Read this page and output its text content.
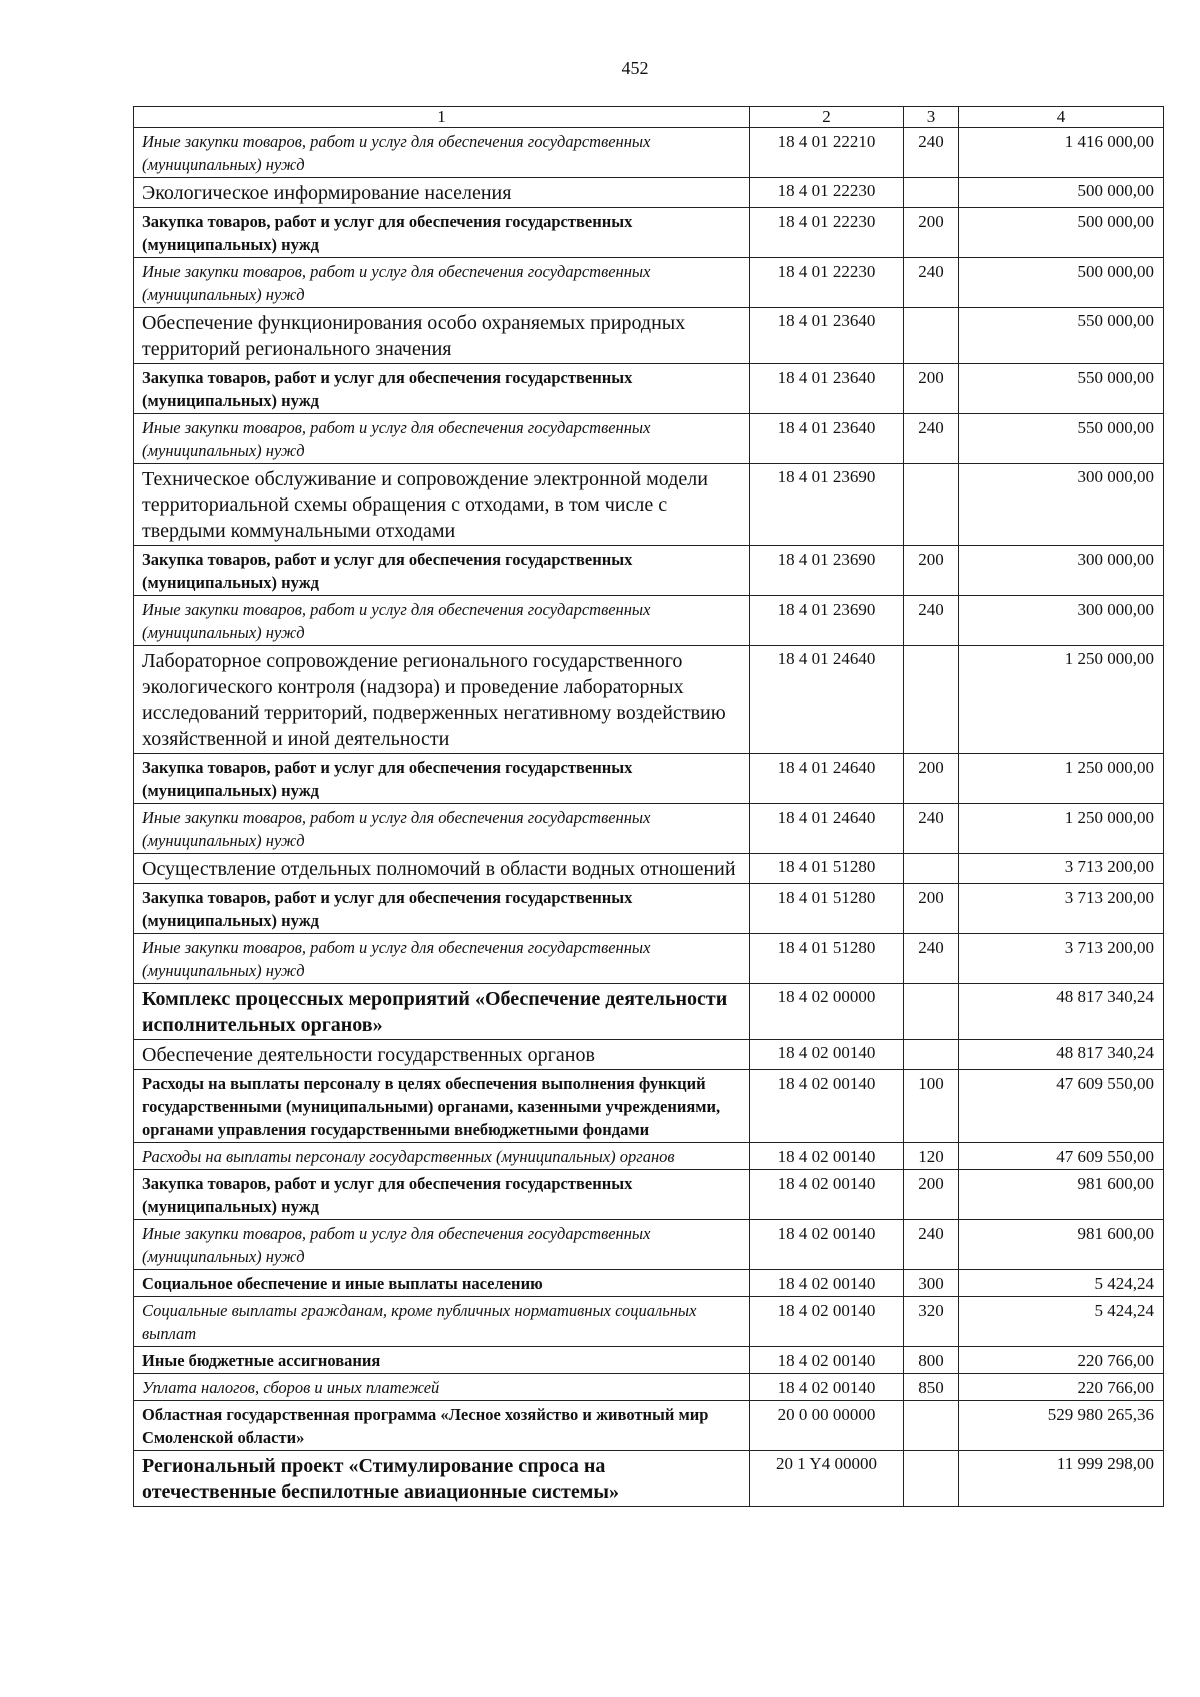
452
1	2	3	4
Иные закупки товаров, работ и услуг для обеспечения государственных (муниципальных) нужд	18 4 01 22210	240	1 416 000,00
Экологическое информирование населения	18 4 01 22230		500 000,00
Закупка товаров, работ и услуг для обеспечения государственных (муниципальных) нужд	18 4 01 22230	200	500 000,00
Иные закупки товаров, работ и услуг для обеспечения государственных (муниципальных) нужд	18 4 01 22230	240	500 000,00
Обеспечение функционирования особо охраняемых природных территорий регионального значения	18 4 01 23640		550 000,00
Закупка товаров, работ и услуг для обеспечения государственных (муниципальных) нужд	18 4 01 23640	200	550 000,00
Иные закупки товаров, работ и услуг для обеспечения государственных (муниципальных) нужд	18 4 01 23640	240	550 000,00
Техническое обслуживание и сопровождение электронной модели территориальной схемы обращения с отходами, в том числе с твердыми коммунальными отходами	18 4 01 23690		300 000,00
Закупка товаров, работ и услуг для обеспечения государственных (муниципальных) нужд	18 4 01 23690	200	300 000,00
Иные закупки товаров, работ и услуг для обеспечения государственных (муниципальных) нужд	18 4 01 23690	240	300 000,00
Лабораторное сопровождение регионального государственного экологического контроля (надзора) и проведение лабораторных исследований территорий, подверженных негативному воздействию хозяйственной и иной деятельности	18 4 01 24640		1 250 000,00
Закупка товаров, работ и услуг для обеспечения государственных (муниципальных) нужд	18 4 01 24640	200	1 250 000,00
Иные закупки товаров, работ и услуг для обеспечения государственных (муниципальных) нужд	18 4 01 24640	240	1 250 000,00
Осуществление отдельных полномочий в области водных отношений	18 4 01 51280		3 713 200,00
Закупка товаров, работ и услуг для обеспечения государственных (муниципальных) нужд	18 4 01 51280	200	3 713 200,00
Иные закупки товаров, работ и услуг для обеспечения государственных (муниципальных) нужд	18 4 01 51280	240	3 713 200,00
Комплекс процессных мероприятий «Обеспечение деятельности исполнительных органов»	18 4 02 00000		48 817 340,24
Обеспечение деятельности государственных органов	18 4 02 00140		48 817 340,24
Расходы на выплаты персоналу в целях обеспечения выполнения функций государственными (муниципальными) органами, казенными учреждениями, органами управления государственными внебюджетными фондами	18 4 02 00140	100	47 609 550,00
Расходы на выплаты персоналу государственных (муниципальных) органов	18 4 02 00140	120	47 609 550,00
Закупка товаров, работ и услуг для обеспечения государственных (муниципальных) нужд	18 4 02 00140	200	981 600,00
Иные закупки товаров, работ и услуг для обеспечения государственных (муниципальных) нужд	18 4 02 00140	240	981 600,00
Социальное обеспечение и иные выплаты населению	18 4 02 00140	300	5 424,24
Социальные выплаты гражданам, кроме публичных нормативных социальных выплат	18 4 02 00140	320	5 424,24
Иные бюджетные ассигнования	18 4 02 00140	800	220 766,00
Уплата налогов, сборов и иных платежей	18 4 02 00140	850	220 766,00
Областная государственная программа «Лесное хозяйство и животный мир Смоленской области»	20 0 00 00000		529 980 265,36
Региональный проект «Стимулирование спроса на отечественные беспилотные авиационные системы»	20 1 Y4 00000		11 999 298,00
